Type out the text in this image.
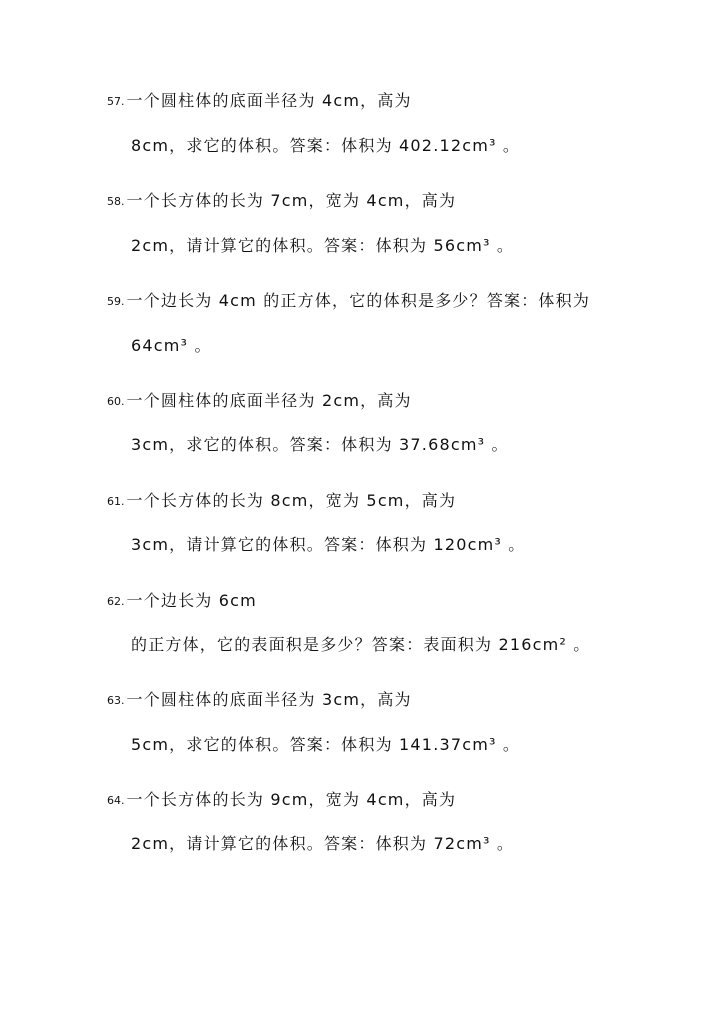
57. 一个圆柱体的底面半径为 4cm，高为
8cm，求它的体积。答案：体积为 402.12cm³ 。
58. 一个长方体的长为 7cm，宽为 4cm，高为
2cm，请计算它的体积。答案：体积为 56cm³ 。
59. 一个边长为 4cm 的正方体，它的体积是多少？答案：体积为
64cm³ 。
60. 一个圆柱体的底面半径为 2cm，高为
3cm，求它的体积。答案：体积为 37.68cm³ 。
61. 一个长方体的长为 8cm，宽为 5cm，高为
3cm，请计算它的体积。答案：体积为 120cm³ 。
62. 一个边长为 6cm
的正方体，它的表面积是多少？答案：表面积为 216cm² 。
63. 一个圆柱体的底面半径为 3cm，高为
5cm，求它的体积。答案：体积为 141.37cm³ 。
64. 一个长方体的长为 9cm，宽为 4cm，高为
2cm，请计算它的体积。答案：体积为 72cm³ 。
